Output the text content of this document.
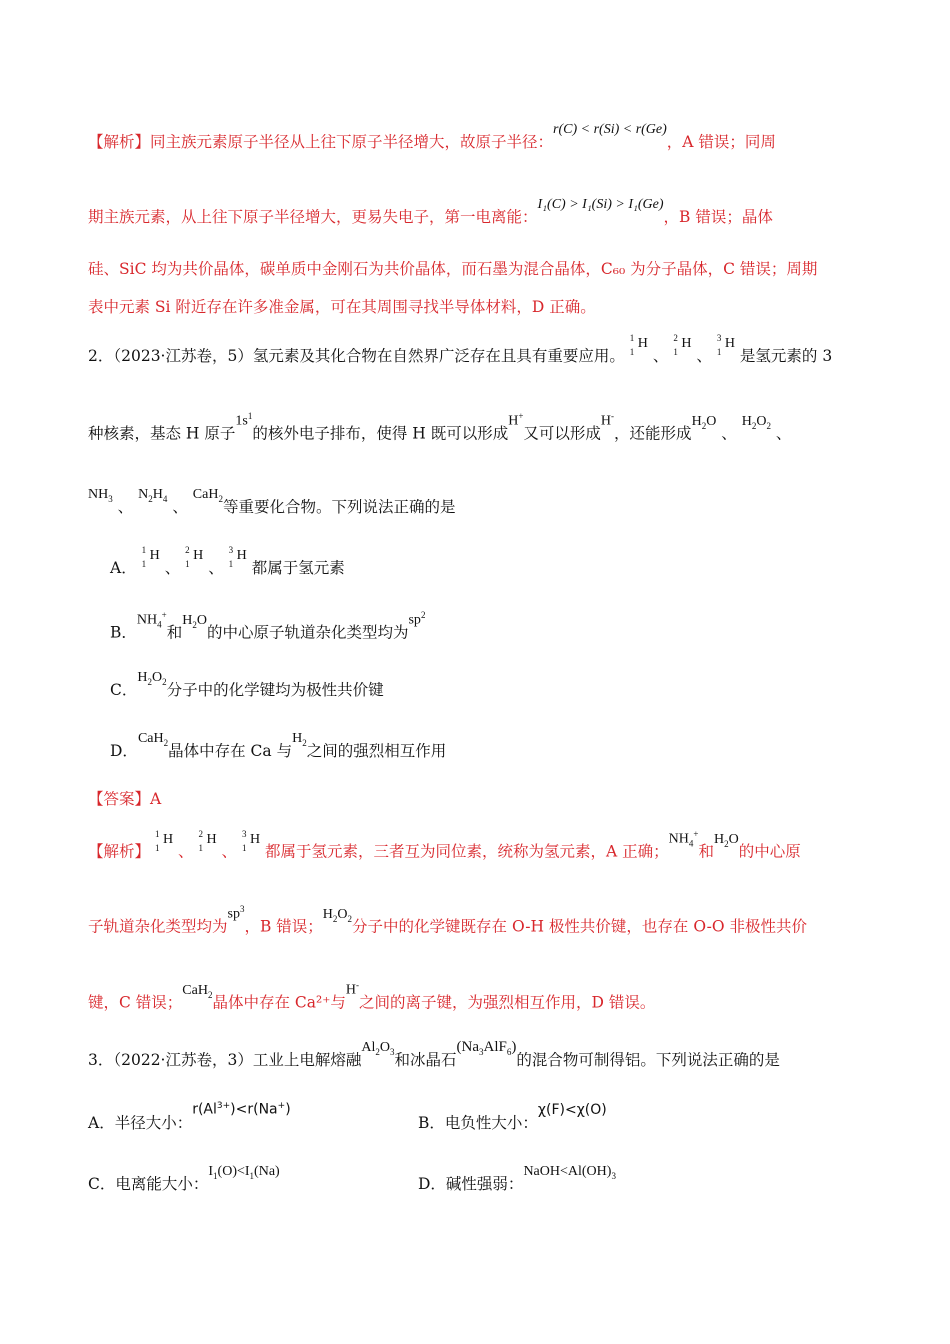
【解析】同主族元素原子半径从上往下原子半径增大，故原子半径：r(C) < r(Si) < r(Ge)，A 错误；同周
期主族元素，从上往下原子半径增大，更易失电子，第一电离能：I₁(C) > I₁(Si) > I₁(Ge)，B 错误；晶体
硅、SiC 均为共价晶体，碳单质中金刚石为共价晶体，而石墨为混合晶体，C₆₀ 为分子晶体，C 错误；周期
表中元素 Si 附近存在许多准金属，可在其周围寻找半导体材料，D 正确。
2．（2023·江苏卷，5）氢元素及其化合物在自然界广泛存在且具有重要应用。
1
1
H 、
2
1
H 、
3
1
H 是氢元素的 3
种核素，基态 H 原子$1s^1$的核外电子排布，使得 H 既可以形成H+又可以形成H-，还能形成$H_2O$ 、 $H_2O_2$ 、
$NH_3$ 、 $N_2H_4$ 、 CaH$_2$等重要化合物。下列说法正确的是
A．
1
1
H 、
2
1
H 、
3
1
H 都属于氢元素
B．$NH_4^+$和$H_2O$的中心原子轨道杂化类型均为$sp^2$
C．$H_2O_2$分子中的化学键均为极性共价键
D．CaH$_2$晶体中存在 Ca 与$H_2$之间的强烈相互作用
【答案】A
【解析】
1
1
H 、
2
1
H 、
3
1
H 都属于氢元素，三者互为同位素，统称为氢元素，A 正确；$NH_4^+$和$H_2O$的中心原
子轨道杂化类型均为$sp^3$，B 错误；$H_2O_2$分子中的化学键既存在 O-H 极性共价键，也存在 O-O 非极性共价
键，C 错误；CaH$_2$晶体中存在 Ca²⁺与H-之间的离子键，为强烈相互作用，D 错误。
3．（2022·江苏卷，3）工业上电解熔融$Al_2O_3$和冰晶石$(Na_3AlF_6)$的混合物可制得铝。下列说法正确的是
A．半径大小：$r(Al^{3+})<r(Na^+)$
B．电负性大小：χ(F)<χ(O)
C．电离能大小：$I_1(O)<I_1(Na)$
D．碱性强弱：$NaOH<Al(OH)_3$
